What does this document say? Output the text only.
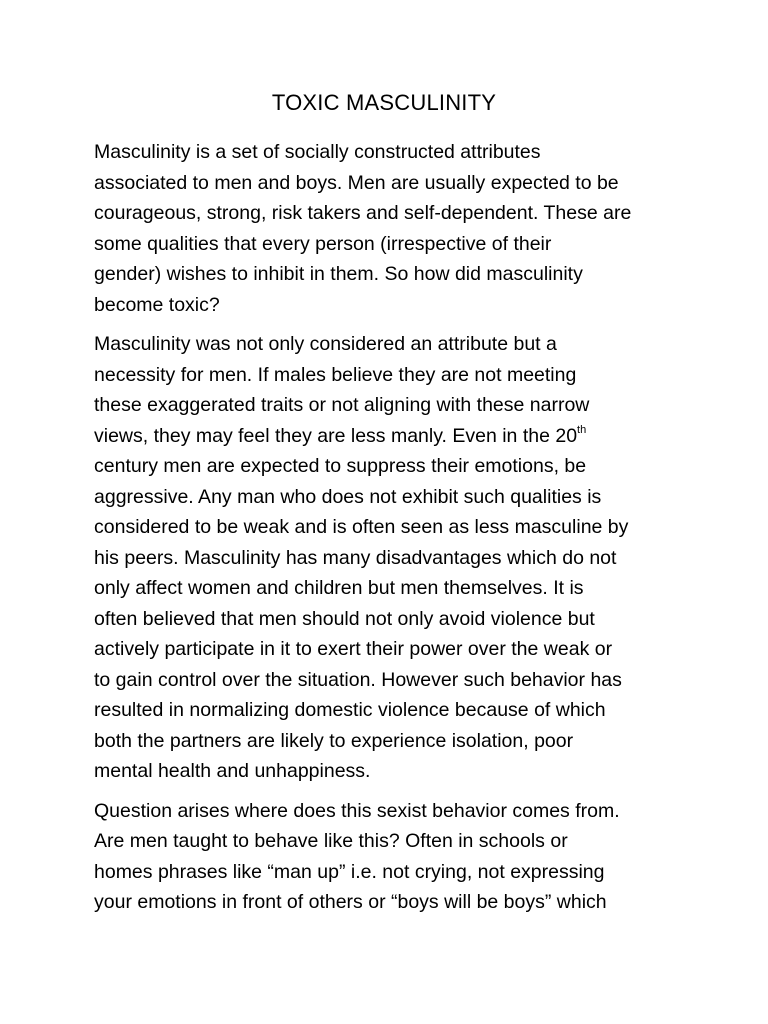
TOXIC MASCULINITY
Masculinity is a set of socially constructed attributes
associated to men and boys. Men are usually expected to be
courageous, strong, risk takers and self-dependent. These are
some qualities that every person (irrespective of their
gender) wishes to inhibit in them. So how did masculinity
become toxic?
Masculinity was not only considered an attribute but a
necessity for men. If males believe they are not meeting
these exaggerated traits or not aligning with these narrow
views, they may feel they are less manly. Even in the 20th
century men are expected to suppress their emotions, be
aggressive. Any man who does not exhibit such qualities is
considered to be weak and is often seen as less masculine by
his peers. Masculinity has many disadvantages which do not
only affect women and children but men themselves. It is
often believed that men should not only avoid violence but
actively participate in it to exert their power over the weak or
to gain control over the situation. However such behavior has
resulted in normalizing domestic violence because of which
both the partners are likely to experience isolation, poor
mental health and unhappiness.
Question arises where does this sexist behavior comes from.
Are men taught to behave like this? Often in schools or
homes phrases like “man up” i.e. not crying, not expressing
your emotions in front of others or “boys will be boys” which
